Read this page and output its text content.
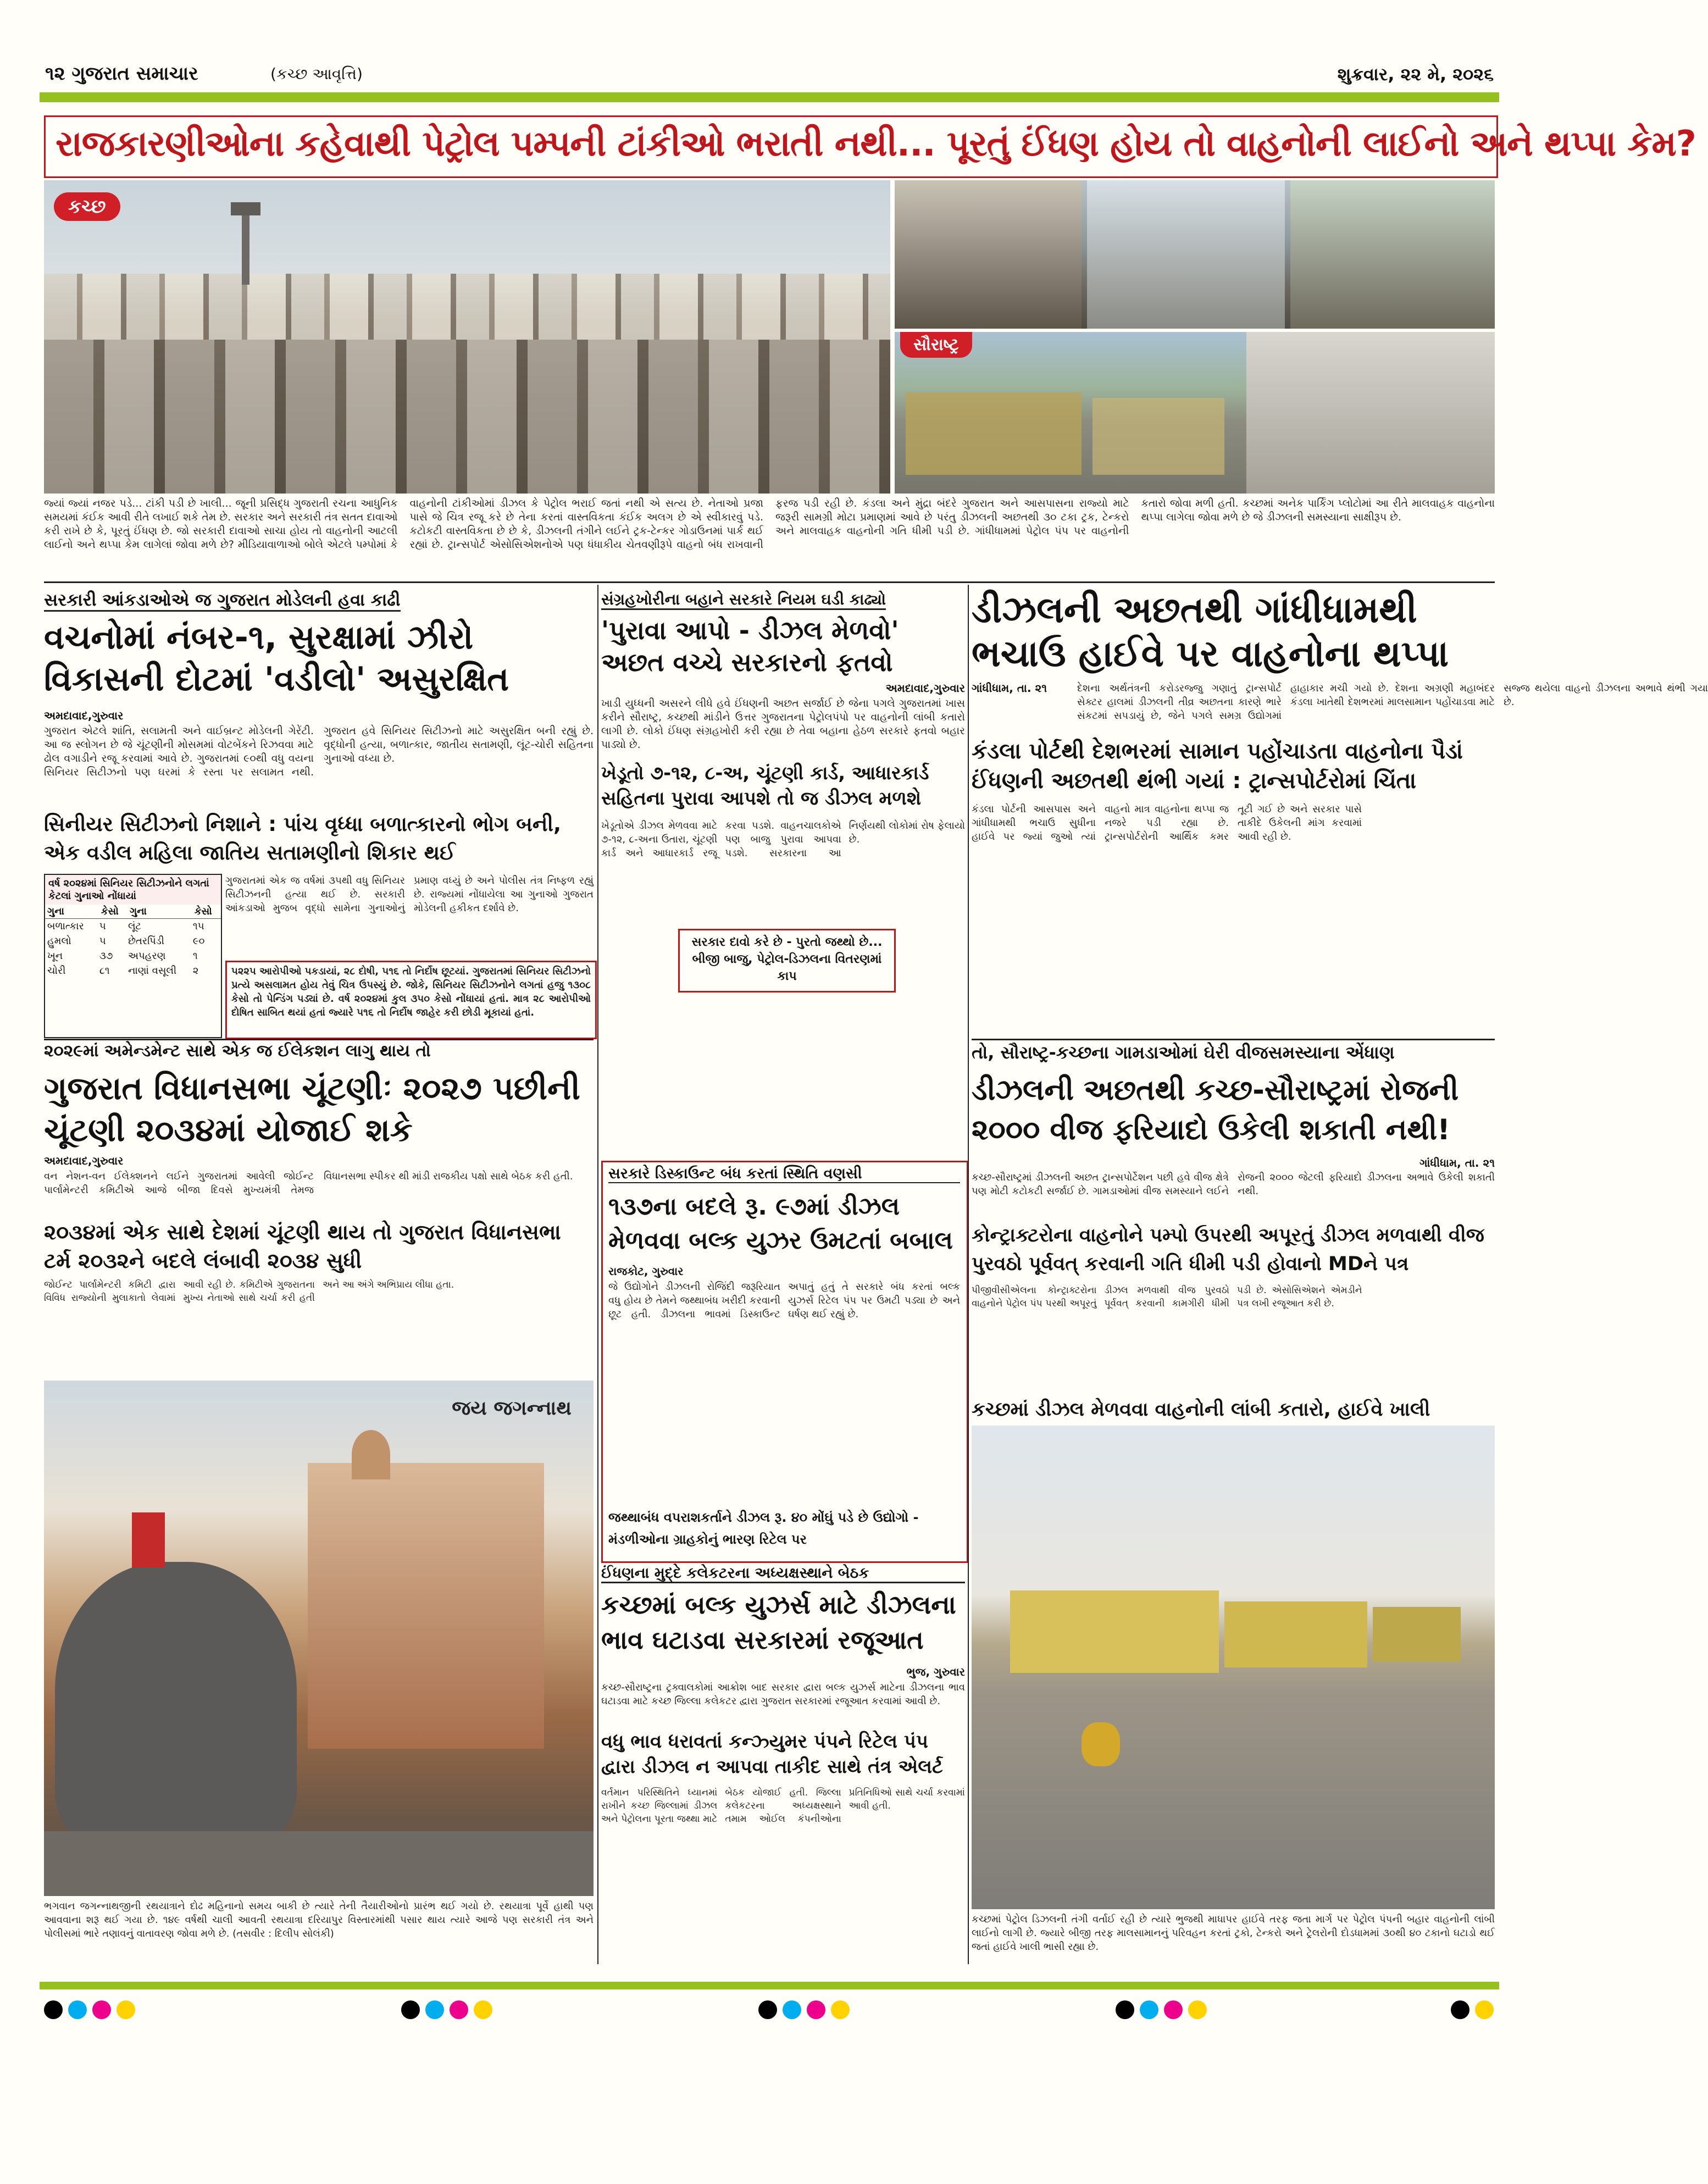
૧૨ ગુજરાત સમાચાર	(કચ્છ આવૃત્તિ)	શુક્રવાર, ૨૨ મે, ૨૦૨૬
રાજકારણીઓના કહેવાથી પેટ્રોલ પમ્પની ટાંકીઓ ભરાતી નથી... પૂરતું ઈંધણ હોય તો વાહનોની લાઈનો અને થપ્પા કેમ?
કચ્છ
સૌરાષ્ટ્ર
જ્યાં જ્યાં નજર પડે... ટાંકી પડી છે ખાલી... જૂની પ્રસિદ્ધ ગુજરાતી રચના આધુનિક સમયમાં કંઈક આવી રીતે લખાઈ શકે તેમ છે. સરકાર અને સરકારી તંત્ર સતત દાવાઓ કરી રાખે છે કે, પૂરતું ઈંધણ છે. જો સરકારી દાવાઓ સાચા હોય તો વાહનોની આટલી લાઈનો અને થપ્પા કેમ લાગેલાં જોવા મળે છે? મીડિયાવાળાઓ બોલે એટલે પમ્પોમાં કે વાહનોની ટાંકીઓમાં ડીઝલ કે પેટ્રોલ ભરાઈ જતાં નથી એ સત્ય છે. નેતાઓ પ્રજા પાસે જે ચિત્ર રજૂ કરે છે તેના કરતાં વાસ્તવિકતા કંઈક અલગ છે એ સ્વીકારવું પડે. કટોકટી વાસ્તવિકતા છે છે કે, ડીઝલની તંગીને લઈને ટ્રક-ટેન્કર ગોડાઉનમાં પાર્ક થઈ રહ્યાં છે. ટ્રાન્સપોર્ટ એસોસિએશનોએ પણ ધંધાકીય ચેતવણીરૂપે વાહનો બંધ રાખવાની ફરજ પડી રહી છે. કંડલા અને મુંદ્રા બંદરે ગુજરાત અને આસપાસના રાજ્યો માટે જરૂરી સામગ્રી મોટા પ્રમાણમાં આવે છે પરંતુ ડીઝલની અછતથી ૩૦ ટકા ટ્રક, ટેન્કરો અને માલવાહક વાહનોની ગતિ ધીમી પડી છે. ગાંધીધામમાં પેટ્રોલ પંપ પર વાહનોની કતારો જોવા મળી હતી. કચ્છમાં અનેક પાર્કિંગ પ્લોટોમાં આ રીતે માલવાહક વાહનોના થપ્પા લાગેલા જોવા મળે છે જે ડીઝલની સમસ્યાના સાક્ષીરૂપ છે.
સરકારી આંકડાઓએ જ ગુજરાત મોડેલની હવા કાઢી
વચનોમાં નંબર-૧, સુરક્ષામાં ઝીરો વિકાસની દોટમાં 'વડીલો' અસુરક્ષિત
અમદાવાદ,ગુરુવાર
ગુજરાત એટલે શાંતિ, સલામતી અને વાઈબ્રન્ટ મોડેલની ગેરેંટી. આ જ સ્લોગન છે જે ચૂંટણીની મોસમમાં વોટબેંકને રિઝવવા માટે ઢોલ વગાડીને રજૂ કરવામાં આવે છે. ગુજરાતમાં ૯૦થી વધુ વયના સિનિયર સિટીઝનો પણ ઘરમાં કે રસ્તા પર સલામત નથી. ગુજરાત હવે સિનિયર સિટીઝનો માટે અસુરક્ષિત બની રહ્યું છે. વૃદ્ધોની હત્યા, બળાત્કાર, જાતીય સતામણી, લૂંટ-ચોરી સહિતના ગુનાઓ વધ્યા છે.
સિનીયર સિટીઝનો નિશાને : પાંચ વૃધ્ધા બળાત્કારનો ભોગ બની, એક વડીલ મહિલા જાતિય સતામણીનો શિકાર થઈ
ગુજરાતમાં એક જ વર્ષમાં ૩૫થી વધુ સિનિયર સિટીઝનની હત્યા થઈ છે. સરકારી આંકડાઓ મુજબ વૃદ્ધો સામેના ગુનાઓનું પ્રમાણ વધ્યું છે અને પોલીસ તંત્ર નિષ્ફળ રહ્યું છે. રાજ્યમાં નોંધાયેલા આ ગુનાઓ ગુજરાત મોડેલની હકીકત દર્શાવે છે.
વર્ષ ૨૦૨૪માં સિનિયર સિટીઝનોને લગતાં કેટલાં ગુનાઓ નોંધાયાં
ગુના	કેસો	ગુના	કેસો
બળાત્કાર	૫	લૂંટ	૧૫
હુમલો	૫	છેતરપિંડી	૯૦
ખૂન	૩૭	અપહરણ	૧
ચોરી	૮૧	નાણાં વસૂલી	૨	૫૨૨૫ આરોપીઓ પકડાયાં, ૨૮ દોષી, ૫૧૬ તો નિર્દોષ છૂટયાં. ગુજરાતમાં સિનિયર સિટીઝનો પ્રત્યે અસલામત હોય તેવું ચિત્ર ઉપસ્યું છે. જોકે, સિનિયર સિટીઝનોને લગતાં હજુ ૧૩૦૮ કેસો તો પેન્ડિંગ પડ્યાં છે. વર્ષ ૨૦૨૪માં કુલ ૩૫૦ કેસો નોંધાયાં હતાં. માત્ર ૨૮ આરોપીઓ દોષિત સાબિત થયાં હતાં જ્યારે ૫૧૬ તો નિર્દોષ જાહેર કરી છોડી મૂકાયાં હતાં.
સંગ્રહખોરીના બહાને સરકારે નિયમ ઘડી કાઢ્યો
'પુરાવા આપો - ડીઝલ મેળવો' અછત વચ્ચે સરકારનો ફતવો
અમદાવાદ,ગુરુવાર
ખાડી યુધ્ધની અસરને લીધે હવે ઈંધણની અછત સર્જાઈ છે જેના પગલે ગુજરાતમાં ખાસ કરીને સૌરાષ્ટ્ર, કચ્છથી માંડીને ઉત્તર ગુજરાતના પેટ્રોલપંપો પર વાહનોની લાંબી કતારો લાગી છે. લોકો ઈંધણ સંગ્રહખોરી કરી રહ્યા છે તેવા બહાના હેઠળ સરકારે ફતવો બહાર પાડ્યો છે.
ખેડૂતો ૭-૧૨, ૮-અ, ચૂંટણી કાર્ડ, આધારકાર્ડ સહિતના પુરાવા આપશે તો જ ડીઝલ મળશે
ખેડૂતોએ ડીઝલ મેળવવા માટે ૭-૧૨, ૮-અના ઉતારા, ચૂંટણી કાર્ડ અને આધારકાર્ડ રજૂ કરવા પડશે. વાહનચાલકોએ પણ બાજુ પુરાવા આપવા પડશે. સરકારના આ નિર્ણયથી લોકોમાં રોષ ફેલાયો છે.
સરકાર દાવો કરે છે - પુરતો જથ્થો છે... બીજી બાજુ, પેટ્રોલ-ડિઝલના વિતરણમાં કાપ
ડીઝલની અછતથી ગાંધીધામથી ભચાઉ હાઈવે પર વાહનોના થપ્પા
ગાંધીધામ, તા. ૨૧	દેશના અર્થતંત્રની કરોડરજ્જુ ગણાતું ટ્રાન્સપોર્ટ સેક્ટર હાલમાં ડીઝલની તીવ્ર અછતના કારણે ભારે સંકટમાં સપડાયું છે, જેને પગલે સમગ્ર ઉદ્યોગમાં હાહાકાર મચી ગયો છે. દેશના અગ્રણી મહાબંદર કંડલા ખાતેથી દેશભરમાં માલસામાન પહોંચાડવા માટે સજ્જ થયેલા વાહનો ડીઝલના અભાવે થંભી ગયા છે.
કંડલા પોર્ટથી દેશભરમાં સામાન પહોંચાડતા વાહનોના પૈડાં ઈંધણની અછતથી થંભી ગયાં : ટ્રાન્સપોર્ટરોમાં ચિંતા
કંડલા પોર્ટની આસપાસ અને ગાંધીધામથી ભચાઉ સુધીના હાઈવે પર જ્યાં જુઓ ત્યાં વાહનો માત્ર વાહનોના થપ્પા જ નજરે પડી રહ્યા છે. ટ્રાન્સપોર્ટરોની આર્થિક કમર તૂટી ગઈ છે અને સરકાર પાસે તાકીદે ઉકેલની માંગ કરવામાં આવી રહી છે.
૨૦૨૯માં અમેન્ડમેન્ટ સાથે એક જ ઈલેકશન લાગુ થાય તો
ગુજરાત વિધાનસભા ચૂંટણીઃ ૨૦૨૭ પછીની ચૂંટણી ૨૦૩૪માં યોજાઈ શકે
અમદાવાદ,ગુરુવાર
વન નેશન-વન ઈલેક્શનને લઈને ગુજરાતમાં આવેલી જોઈન્ટ પાર્લામેન્ટરી કમિટીએ આજે બીજા દિવસે મુખ્યમંત્રી તેમજ વિધાનસભા સ્પીકર થી માંડી રાજકીય પક્ષો સાથે બેઠક કરી હતી.
૨૦૩૪માં એક સાથે દેશમાં ચૂંટણી થાય તો ગુજરાત વિધાનસભા ટર્મ ૨૦૩૨ને બદલે લંબાવી ૨૦૩૪ સુધી
જોઈન્ટ પાર્લામેન્ટરી કમિટી દ્વારા વિવિધ રાજ્યોની મુલાકાતો લેવામાં આવી રહી છે. કમિટીએ ગુજરાતના મુખ્ય નેતાઓ સાથે ચર્ચા કરી હતી અને આ અંગે અભિપ્રાય લીધા હતા.
જય જગન્નાથ
ભગવાન જગન્નાથજીની રથયાત્રાને દોઢ મહિનાનો સમય બાકી છે ત્યારે તેની તૈયારીઓનો પ્રારંભ થઈ ગયો છે. રથયાત્રા પૂર્વે હાથી પણ આવવાના શરૂ થઈ ગયા છે. ૧૪૯ વર્ષથી ચાલી આવતી રથયાત્રા દરિયાપુર વિસ્તારમાંથી પસાર થાય ત્યારે આજે પણ સરકારી તંત્ર અને પોલીસમાં ભારે તણાવનું વાતાવરણ જોવા મળે છે. (તસવીર : દિલીપ સોલંકી)
સરકારે ડિસ્કાઉન્ટ બંધ કરતાં સ્થિતિ વણસી
૧૩૭ના બદલે રૂ. ૯૭માં ડીઝલ મેળવવા બલ્ક યુઝર ઉમટતાં બબાલ
રાજકોટ, ગુરુવાર
જે ઉદ્યોગોને ડીઝલની રોજિંદી જરૂરિયાત વધુ હોય છે તેમને જથ્થાબંધ ખરીદી કરવાની છૂટ હતી. ડીઝલના ભાવમાં ડિસ્કાઉન્ટ અપાતું હતું તે સરકારે બંધ કરતાં બલ્ક યુઝર્સ રિટેલ પંપ પર ઉમટી પડ્યા છે અને ઘર્ષણ થઈ રહ્યું છે.
જથ્થાબંધ વપરાશકર્તાને ડીઝલ રૂ. ૪૦ મોંઘું પડે છે ઉદ્યોગો - મંડળીઓના ગ્રાહકોનું ભારણ રિટેલ પર
તો, સૌરાષ્ટ્ર-કચ્છના ગામડાઓમાં ઘેરી વીજસમસ્યાના એંધાણ
ડીઝલની અછતથી કચ્છ-સૌરાષ્ટ્રમાં રોજની ૨૦૦૦ વીજ ફરિયાદો ઉકેલી શકાતી નથી!
ગાંધીધામ, તા. ૨૧
કચ્છ-સૌરાષ્ટ્રમાં ડીઝલની અછત ટ્રાન્સપોર્ટેશન પછી હવે વીજ ક્ષેત્રે પણ મોટી કટોકટી સર્જાઈ છે. ગામડાઓમાં વીજ સમસ્યાને લઈને રોજની ૨૦૦૦ જેટલી ફરિયાદો ડીઝલના અભાવે ઉકેલી શકાતી નથી.
કોન્ટ્રાક્ટરોના વાહનોને પમ્પો ઉપરથી અપૂરતું ડીઝલ મળવાથી વીજ પુરવઠો પૂર્વવત્ કરવાની ગતિ ધીમી પડી હોવાનો MDને પત્ર
પીજીવીસીએલના કોન્ટ્રાક્ટરોના વાહનોને પેટ્રોલ પંપ પરથી અપૂરતું ડીઝલ મળવાથી વીજ પુરવઠો પૂર્વવત્ કરવાની કામગીરી ધીમી પડી છે. એસોસિએશને એમડીને પત્ર લખી રજૂઆત કરી છે.
કચ્છમાં ડીઝલ મેળવવા વાહનોની લાંબી કતારો, હાઈવે ખાલી
ઈંધણના મુદ્દે કલેકટરના અધ્યક્ષસ્થાને બેઠક
કચ્છમાં બલ્ક યુઝર્સ માટે ડીઝલના ભાવ ઘટાડવા સરકારમાં રજૂઆત
ભુજ, ગુરુવાર
કચ્છ-સૌરાષ્ટ્રના ટ્રક્વાલકોમાં આક્રોશ બાદ સરકાર દ્વારા બલ્ક યુઝર્સ માટેના ડીઝલના ભાવ ઘટાડવા માટે કચ્છ જિલ્લા કલેકટર દ્વારા ગુજરાત સરકારમાં રજૂઆત કરવામાં આવી છે.
વધુ ભાવ ધરાવતાં કન્ઝ્યુમર પંપને રિટેલ પંપ દ્વારા ડીઝલ ન આપવા તાકીદ સાથે તંત્ર એલર્ટ
વર્તમાન પરિસ્થિતિને ધ્યાનમાં રાખીને કચ્છ જિલ્લામાં ડીઝલ અને પેટ્રોલના પૂરતા જથ્થા માટે બેઠક યોજાઈ હતી. જિલ્લા કલેકટરના અધ્યક્ષસ્થાને તમામ ઓઈલ કંપનીઓના પ્રતિનિધિઓ સાથે ચર્ચા કરવામાં આવી હતી.
કચ્છમાં પેટ્રોલ ડિઝલની તંગી વર્તાઈ રહી છે ત્યારે ભુજથી માધાપર હાઈવે તરફ જતા માર્ગ પર પેટ્રોલ પંપની બહાર વાહનોની લાંબી લાઈનો લાગી છે. જ્યારે બીજી તરફ માલસામાનનું પરિવહન કરતાં ટ્રકો, ટેન્કરો અને ટ્રેલરોની દોડધામમાં ૩૦થી ૪૦ ટકાનો ઘટાડો થઈ જતાં હાઈવે ખાલી ભાસી રહ્યા છે.
